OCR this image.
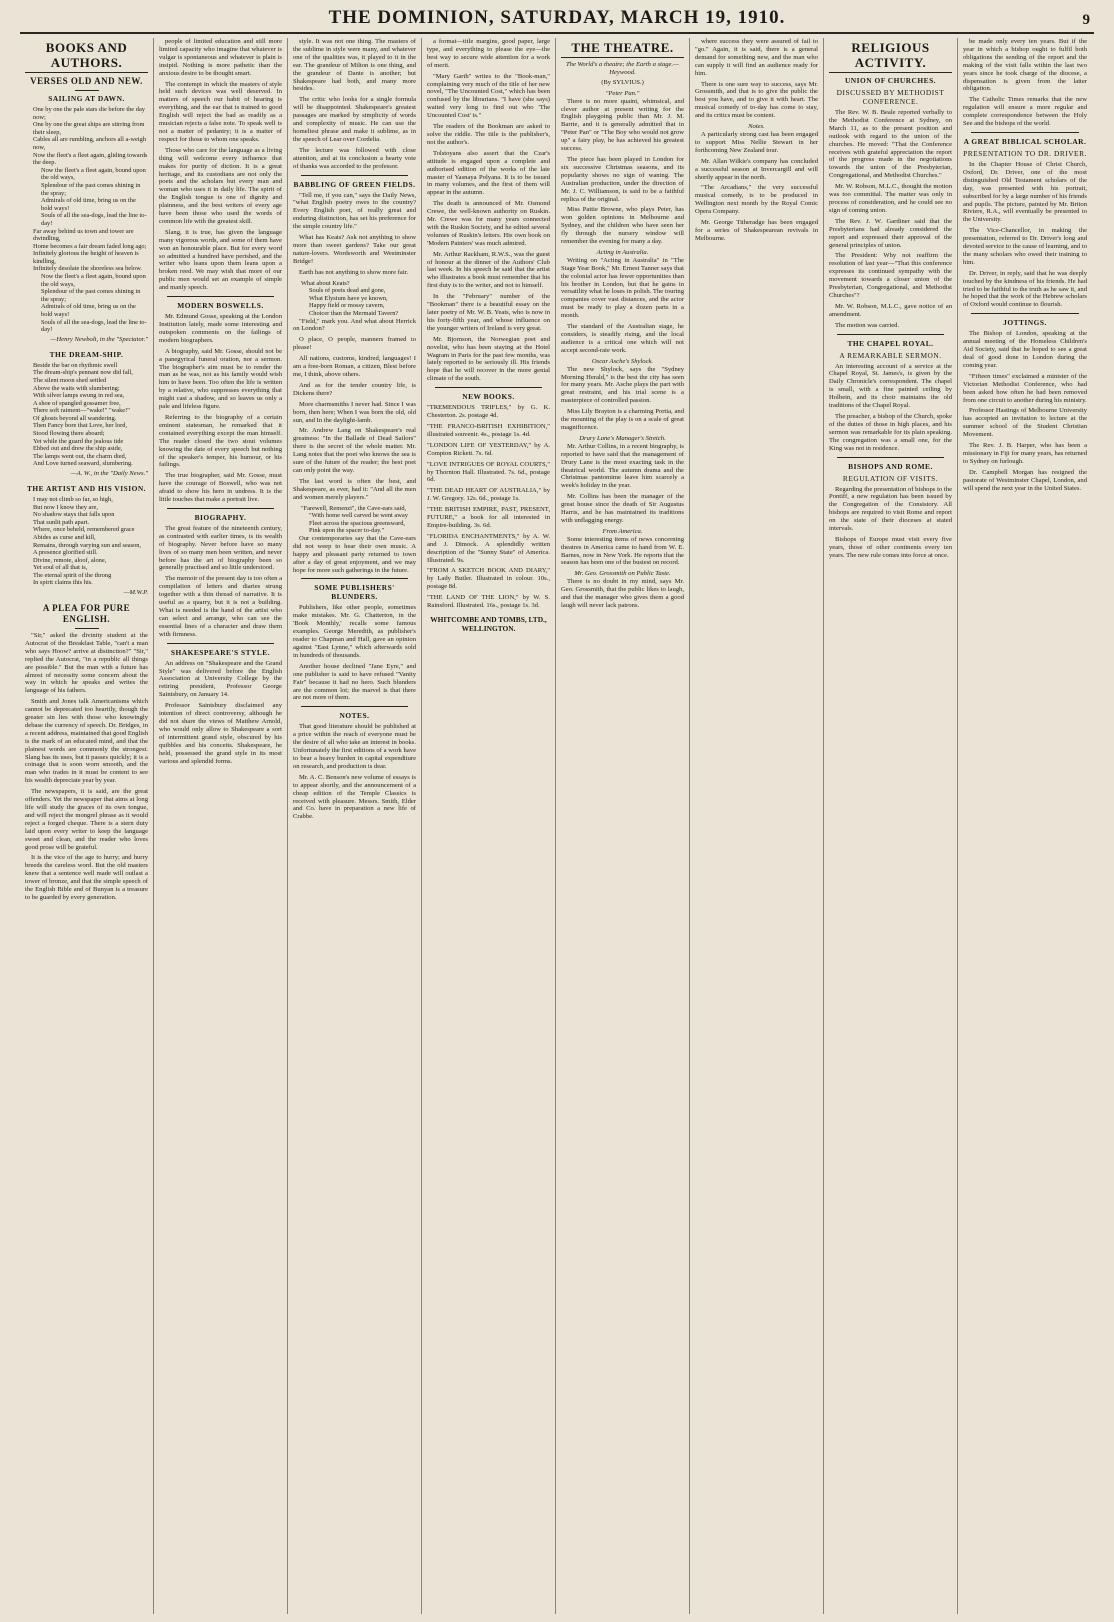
THE DOMINION, SATURDAY, MARCH 19, 1910.	9
BOOKS AND AUTHORS.
VERSES OLD AND NEW.
SAILING AT DAWN.
One by one the pale stars die before the day now;
One by one the great ships are stirring from their sleep,
Cables all are rumbling, anchors all a-weigh now,
Now the fleet's a fleet again, gliding towards the deep.
Now the fleet's a fleet again, bound upon the old ways,
Splendour of the past comes shining in the spray;
Admirals of old time, bring us on the bold ways!
Souls of all the sea-dogs, lead the line to-day!
Far away behind us town and tower are dwindling,
Home becomes a fair dream faded long ago;
Infinitely glorious the height of heaven is kindling,
Infinitely desolate the shoreless sea below.
Now the fleet's a fleet again, bound upon the old ways,
Splendour of the past comes shining in the spray;
Admirals of old time, bring us on the bold ways!
Souls of all the sea-dogs, lead the line to-day!
—Henry Newbolt, in the "Spectator."
THE DREAM-SHIP.
Beside the bar on rhythmic swell
The dream-ship's pennant now did fall,
The silent moon shed settled
Above the waits with slumbering;
With silver lamps swung in red sea,
A shoe of spangled gossamer free,
There soft raiment—"wake!" "wake!"
Of ghosts beyond all wandering.
Then Fancy bore that Love, her lord,
Stood flowing there aboard;
Yet while the guard the jealous tide
Ebbed out and drew the ship aside,
The lamps went out, the charm died,
And Love turned seaward, slumbering.
—A. W., in the "Daily News."
THE ARTIST AND HIS VISION.
I may not climb so far, so high,
But now I know they are,
No shadow stays that falls upon
That sunlit path apart.
Where, once beheld, remembered grace
Abides as curse and kill,
Remains, through varying sun and season,
A presence glorified still.
Divine, remote, aloof, alone,
Yet soul of all that is,
The eternal spirit of the throng
In spirit claims this his.
—M.W.P.
A PLEA FOR PURE ENGLISH.

"Sir," asked the divinity student at the Autocrat of the Breakfast Table, "can't a man who says Hoow? arrive at distinction?" "Sir," replied the Autocrat, "in a republic all things are possible." But the man with a future has almost of necessity some concern about the way in which he speaks and writes the language of his fathers.

Smith and Jones talk Americanisms which cannot be deprecated too heartily, though the greater sin lies with those who knowingly debase the currency of speech. Dr. Bridges, in a recent address, maintained that good English is the mark of an educated mind, and that the plainest words are commonly the strongest. Slang has its uses, but it passes quickly; it is a coinage that is soon worn smooth, and the man who trades in it must be content to see his wealth depreciate year by year.

The newspapers, it is said, are the great offenders. Yet the newspaper that aims at long life will study the graces of its own tongue, and will reject the mongrel phrase as it would reject a forged cheque. There is a stern duty laid upon every writer to keep the language sweet and clean, and the reader who loves good prose will be grateful.

It is the vice of the age to hurry; and hurry breeds the careless word. But the old masters knew that a sentence well made will outlast a tower of bronze, and that the simple speech of the English Bible and of Bunyan is a treasure to be guarded by every generation.

people of limited education and still more limited capacity who imagine that whatever is vulgar is spontaneous and whatever is plain is insipid. Nothing is more pathetic than the anxious desire to be thought smart.

The contempt in which the masters of style held such devices was well deserved. In matters of speech our habit of hearing is everything, and the ear that is trained to good English will reject the bad as readily as a musician rejects a false note. To speak well is not a matter of pedantry; it is a matter of respect for those to whom one speaks.

Those who care for the language as a living thing will welcome every influence that makes for purity of diction. It is a great heritage, and its custodians are not only the poets and the scholars but every man and woman who uses it in daily life. The spirit of the English tongue is one of dignity and plainness, and the best writers of every age have been those who used the words of common life with the greatest skill.

Slang, it is true, has given the language many vigorous words, and some of them have won an honourable place. But for every word so admitted a hundred have perished, and the writer who leans upon them leans upon a broken reed. We may wish that more of our public men would set an example of simple and manly speech.

MODERN BOSWELLS.

Mr. Edmund Gosse, speaking at the London Institution lately, made some interesting and outspoken comments on the failings of modern biographers.

A biography, said Mr. Gosse, should not be a panegyrical funeral oration, nor a sermon. The biographer's aim must be to render the man as he was, not as his family would wish him to have been. Too often the life is written by a relative, who suppresses everything that might cast a shadow, and so leaves us only a pale and lifeless figure.

Referring to the biography of a certain eminent statesman, he remarked that it contained everything except the man himself. The reader closed the two stout volumes knowing the date of every speech but nothing of the speaker's temper, his humour, or his failings.

The true biographer, said Mr. Gosse, must have the courage of Boswell, who was not afraid to show his hero in undress. It is the little touches that make a portrait live.

BIOGRAPHY.

The great feature of the nineteenth century, as contrasted with earlier times, is its wealth of biography. Never before have so many lives of so many men been written, and never before has the art of biography been so generally practised and so little understood.

The memoir of the present day is too often a compilation of letters and diaries strung together with a thin thread of narrative. It is useful as a quarry, but it is not a building. What is needed is the hand of the artist who can select and arrange, who can see the essential lines of a character and draw them with firmness.

SHAKESPEARE'S STYLE.

An address on "Shakespeare and the Grand Style" was delivered before the English Association at University College by the retiring president, Professor George Saintsbury, on January 14.

Professor Saintsbury disclaimed any intention of direct controversy, although he did not share the views of Matthew Arnold, who would only allow to Shakespeare a sort of intermittent grand style, obscured by his quibbles and his conceits. Shakespeare, he held, possessed the grand style in its most various and splendid forms.

style. It was not one thing. The masters of the sublime in style were many, and whatever one of the qualities was, it played to it in the ear. The grandeur of Milton is one thing, and the grandeur of Dante is another; but Shakespeare had both, and many more besides.

The critic who looks for a single formula will be disappointed. Shakespeare's greatest passages are marked by simplicity of words and complexity of music. He can use the homeliest phrase and make it sublime, as in the speech of Lear over Cordelia.

The lecture was followed with close attention, and at its conclusion a hearty vote of thanks was accorded to the professor.

BABBLING OF GREEN FIELDS.

"Tell me, if you can," says the Daily News, "what English poetry owes to the country? Every English poet, of really great and enduring distinction, has set his preference for the simple country life."

What has Keats? Ask not anything to show more than sweet gardens? Take our great nature-lovers. Wordsworth and Westminster Bridge!

Earth has not anything to show more fair.

What about Keats?
Souls of poets dead and gone,
What Elysium have ye known,
Happy field or mossy cavern,
Choicer than the Mermaid Tavern?

"Field," mark you. And what about Herrick on London?

O place, O people, manners framed to please!

All nations, customs, kindred, languages! I am a free-born Roman, a citizen, Blest before me, I think, above others.

And as for the tender country life, is Dickens there?

More charmsmiths I never had. Since I was born, then here; When I was born the old, old sun, and In the daylight-lamb.

Mr. Andrew Lang on Shakespeare's real greatness: "In the Ballade of Dead Sailors" there is the secret of the whole matter. Mr. Lang notes that the poet who knows the sea is sure of the future of the reader; the best poet can only point the way.

The last word is often the best, and Shakespeare, as ever, had it: "And all the men and women merely players."

"Farewell, Remenzi", the Cave-ears said,
"With home well carved he went away
Fleet across the spacious greensward,
Pink upon the spacer to-day."

Our contemporaries say that the Cave-ears did not weep to hear their own music. A happy and pleasant party returned to town after a day of great enjoyment, and we may hope for more such gatherings in the future.

SOME PUBLISHERS' BLUNDERS.

Publishers, like other people, sometimes make mistakes. Mr. G. Chatterton, in the 'Book Monthly,' recalls some famous examples. George Meredith, as publisher's reader to Chapman and Hall, gave an opinion against "East Lynne," which afterwards sold in hundreds of thousands.

Another house declined "Jane Eyre," and one publisher is said to have refused "Vanity Fair" because it had no hero. Such blunders are the common lot; the marvel is that there are not more of them.

NOTES.

That good literature should be published at a price within the reach of everyone must be the desire of all who take an interest in books. Unfortunately the first editions of a work have to bear a heavy burden in capital expenditure on research, and production is dear.

Mr. A. C. Benson's new volume of essays is to appear shortly, and the announcement of a cheap edition of the Temple Classics is received with pleasure. Messrs. Smith, Elder and Co. have in preparation a new life of Crabbe.

a format—title margins, good paper, large type, and everything to please the eye—the best way to secure wide attention for a work of merit.

"Mary Garth" writes to the "Book-man," complaining very much of the title of her new novel, "The Uncounted Cost," which has been confused by the librarians. "I have (she says) waited very long to find out who 'The Uncounted Cost' is."

The readers of the Bookman are asked to solve the riddle. The title is the publisher's, not the author's.

Tolstoyans also assert that the Czar's attitude is engaged upon a complete and authorised edition of the works of the late master of Yasnaya Polyana. It is to be issued in many volumes, and the first of them will appear in the autumn.

The death is announced of Mr. Osmond Crewe, the well-known authority on Ruskin. Mr. Crewe was for many years connected with the Ruskin Society, and he edited several volumes of Ruskin's letters. His own book on 'Modern Painters' was much admired.

Mr. Arthur Rackham, R.W.S., was the guest of honour at the dinner of the Authors' Club last week. In his speech he said that the artist who illustrates a book must remember that his first duty is to the writer, and not to himself.

In the "February" number of the "Bookman" there is a beautiful essay on the later poetry of Mr. W. B. Yeats, who is now in his forty-fifth year, and whose influence on the younger writers of Ireland is very great.

Mr. Bjornson, the Norwegian poet and novelist, who has been staying at the Hotel Wagram in Paris for the past few months, was lately reported to be seriously ill. His friends hope that he will recover in the more genial climate of the south.

NEW BOOKS.

"TREMENDOUS TRIFLES," by G. K. Chesterton. 2s. postage 4d.

"THE FRANCO-BRITISH EXHIBITION," illustrated souvenir. 4s., postage 1s. 4d.

"LONDON LIFE OF YESTERDAY," by A. Compton Rickett. 7s. 6d.

"LOVE INTRIGUES OF ROYAL COURTS," by Thornton Hall. Illustrated. 7s. 6d., postage 6d.

"THE DEAD HEART OF AUSTRALIA," by J. W. Gregory. 12s. 6d., postage 1s.

"THE BRITISH EMPIRE, PAST, PRESENT, FUTURE," a book for all interested in Empire-building. 3s. 6d.

"FLORIDA ENCHANTMENTS," by A. W. and J. Dimock. A splendidly written description of the "Sunny State" of America. Illustrated. 9s.

"FROM A SKETCH BOOK AND DIARY," by Lady Butler. Illustrated in colour. 10s., postage 8d.

"THE LAND OF THE LION," by W. S. Rainsford. Illustrated. 16s., postage 1s. 3d.

WHITCOMBE AND TOMBS, LTD.,
WELLINGTON.
THE THEATRE.
The World's a theatre; the Earth a stage.—Heywood.
(By SYLVIUS.)
"Peter Pan."

There is no more quaint, whimsical, and clever author at present writing for the English playgoing public than Mr. J. M. Barrie, and it is generally admitted that in "Peter Pan" or "The Boy who would not grow up" a fairy play, he has achieved his greatest success.

The piece has been played in London for six successive Christmas seasons, and its popularity shows no sign of waning. The Australian production, under the direction of Mr. J. C. Williamson, is said to be a faithful replica of the original.

Miss Pattie Browne, who plays Peter, has won golden opinions in Melbourne and Sydney, and the children who have seen her fly through the nursery window will remember the evening for many a day.

Acting in Australia.

Writing on "Acting in Australia" in "The Stage Year Book," Mr. Ernest Tanner says that the colonial actor has fewer opportunities than his brother in London, but that he gains in versatility what he loses in polish. The touring companies cover vast distances, and the actor must be ready to play a dozen parts in a month.

The standard of the Australian stage, he considers, is steadily rising, and the local audience is a critical one which will not accept second-rate work.

Oscar Asche's Shylock.

The new Shylock, says the "Sydney Morning Herald," is the best the city has seen for many years. Mr. Asche plays the part with great restraint, and his trial scene is a masterpiece of controlled passion.

Miss Lily Brayton is a charming Portia, and the mounting of the play is on a scale of great magnificence.

Drury Lane's Manager's Stretch.

Mr. Arthur Collins, in a recent biography, is reported to have said that the management of Drury Lane is the most exacting task in the theatrical world. The autumn drama and the Christmas pantomime leave him scarcely a week's holiday in the year.

Mr. Collins has been the manager of the great house since the death of Sir Augustus Harris, and he has maintained its traditions with unflagging energy.

From America.

Some interesting items of news concerning theatres in America came to hand from W. E. Barnes, now in New York. He reports that the season has been one of the busiest on record.

Mr. Geo. Grossmith on Public Taste.

There is no doubt in my mind, says Mr. Geo. Grossmith, that the public likes to laugh, and that the manager who gives them a good laugh will never lack patrons.

where success they were assured of fail to "go." Again, it is said, there is a general demand for something new, and the man who can supply it will find an audience ready for him.

There is one sure way to success, says Mr. Grossmith, and that is to give the public the best you have, and to give it with heart. The musical comedy of to-day has come to stay, and its critics must be content.

Notes.

A particularly strong cast has been engaged to support Miss Nellie Stewart in her forthcoming New Zealand tour.

Mr. Allan Wilkie's company has concluded a successful season at Invercargill and will shortly appear in the north.

"The Arcadians," the very successful musical comedy, is to be produced in Wellington next month by the Royal Comic Opera Company.

Mr. George Titheradge has been engaged for a series of Shakespearean revivals in Melbourne.

RELIGIOUS ACTIVITY.
UNION OF CHURCHES.
DISCUSSED BY METHODIST CONFERENCE.

The Rev. W. B. Beale reported verbally to the Methodist Conference at Sydney, on March 11, as to the present position and outlook with regard to the union of the churches. He moved: "That the Conference receives with grateful appreciation the report of the progress made in the negotiations towards the union of the Presbyterian, Congregational, and Methodist Churches."

Mr. W. Robson, M.L.C., thought the motion was too committal. The matter was only in process of consideration, and he could see no sign of coming union.

The Rev. J. W. Gardiner said that the Presbyterians had already considered the report and expressed their approval of the general principles of union.

The President: Why not reaffirm the resolution of last year—"That this conference expresses its continued sympathy with the movement towards a closer union of the Presbyterian, Congregational, and Methodist Churches"?

Mr. W. Robson, M.L.C., gave notice of an amendment.

The motion was carried.

THE CHAPEL ROYAL.
A REMARKABLE SERMON.

An interesting account of a service at the Chapel Royal, St. James's, is given by the Daily Chronicle's correspondent. The chapel is small, with a fine painted ceiling by Holbein, and its choir maintains the old traditions of the Chapel Royal.

The preacher, a bishop of the Church, spoke of the duties of those in high places, and his sermon was remarkable for its plain speaking. The congregation was a small one, for the King was not in residence.

BISHOPS AND ROME.
REGULATION OF VISITS.

Regarding the presentation of bishops to the Pontiff, a new regulation has been issued by the Congregation of the Consistory. All bishops are required to visit Rome and report on the state of their dioceses at stated intervals.

Bishops of Europe must visit every five years, those of other continents every ten years. The new rule comes into force at once.

be made only every ten years. But if the year in which a bishop ought to fulfil both obligations the sending of the report and the making of the visit falls within the last two years since he took charge of the diocese, a dispensation is given from the latter obligation.

The Catholic Times remarks that the new regulation will ensure a more regular and complete correspondence between the Holy See and the bishops of the world.

A GREAT BIBLICAL SCHOLAR.
PRESENTATION TO DR. DRIVER.

In the Chapter House of Christ Church, Oxford, Dr. Driver, one of the most distinguished Old Testament scholars of the day, was presented with his portrait, subscribed for by a large number of his friends and pupils. The picture, painted by Mr. Briton Riviere, R.A., will eventually be presented to the University.

The Vice-Chancellor, in making the presentation, referred to Dr. Driver's long and devoted service to the cause of learning, and to the many scholars who owed their training to him.

Dr. Driver, in reply, said that he was deeply touched by the kindness of his friends. He had tried to be faithful to the truth as he saw it, and he hoped that the work of the Hebrew scholars of Oxford would continue to flourish.

JOTTINGS.

The Bishop of London, speaking at the annual meeting of the Homeless Children's Aid Society, said that he hoped to see a great deal of good done in London during the coming year.

"Fifteen times" exclaimed a minister of the Victorian Methodist Conference, who had been asked how often he had been removed from one circuit to another during his ministry.

Professor Hastings of Melbourne University has accepted an invitation to lecture at the summer school of the Student Christian Movement.

The Rev. J. B. Harper, who has been a missionary in Fiji for many years, has returned to Sydney on furlough.

Dr. Campbell Morgan has resigned the pastorate of Westminster Chapel, London, and will spend the next year in the United States.
